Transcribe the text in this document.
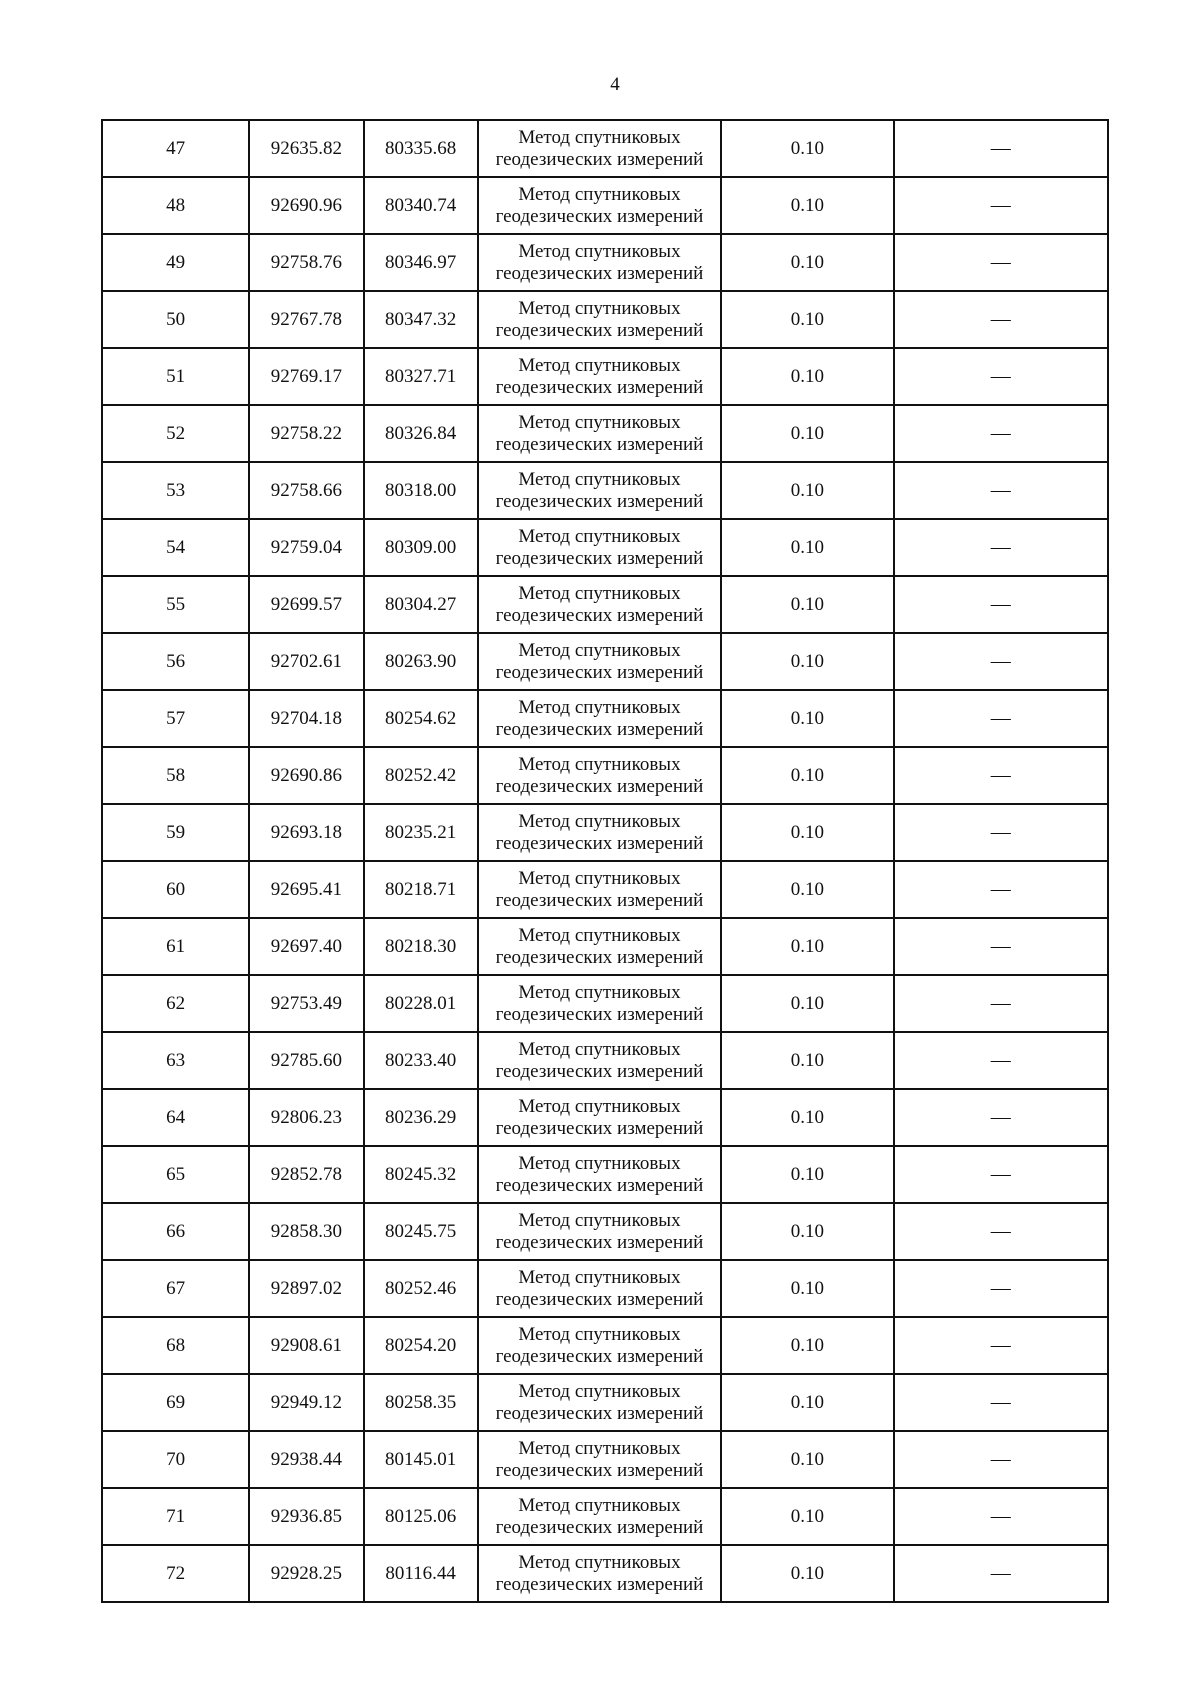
4
47	92635.82	80335.68	Метод спутниковых геодезических измерений	0.10	—
48	92690.96	80340.74	Метод спутниковых геодезических измерений	0.10	—
49	92758.76	80346.97	Метод спутниковых геодезических измерений	0.10	—
50	92767.78	80347.32	Метод спутниковых геодезических измерений	0.10	—
51	92769.17	80327.71	Метод спутниковых геодезических измерений	0.10	—
52	92758.22	80326.84	Метод спутниковых геодезических измерений	0.10	—
53	92758.66	80318.00	Метод спутниковых геодезических измерений	0.10	—
54	92759.04	80309.00	Метод спутниковых геодезических измерений	0.10	—
55	92699.57	80304.27	Метод спутниковых геодезических измерений	0.10	—
56	92702.61	80263.90	Метод спутниковых геодезических измерений	0.10	—
57	92704.18	80254.62	Метод спутниковых геодезических измерений	0.10	—
58	92690.86	80252.42	Метод спутниковых геодезических измерений	0.10	—
59	92693.18	80235.21	Метод спутниковых геодезических измерений	0.10	—
60	92695.41	80218.71	Метод спутниковых геодезических измерений	0.10	—
61	92697.40	80218.30	Метод спутниковых геодезических измерений	0.10	—
62	92753.49	80228.01	Метод спутниковых геодезических измерений	0.10	—
63	92785.60	80233.40	Метод спутниковых геодезических измерений	0.10	—
64	92806.23	80236.29	Метод спутниковых геодезических измерений	0.10	—
65	92852.78	80245.32	Метод спутниковых геодезических измерений	0.10	—
66	92858.30	80245.75	Метод спутниковых геодезических измерений	0.10	—
67	92897.02	80252.46	Метод спутниковых геодезических измерений	0.10	—
68	92908.61	80254.20	Метод спутниковых геодезических измерений	0.10	—
69	92949.12	80258.35	Метод спутниковых геодезических измерений	0.10	—
70	92938.44	80145.01	Метод спутниковых геодезических измерений	0.10	—
71	92936.85	80125.06	Метод спутниковых геодезических измерений	0.10	—
72	92928.25	80116.44	Метод спутниковых геодезических измерений	0.10	—
